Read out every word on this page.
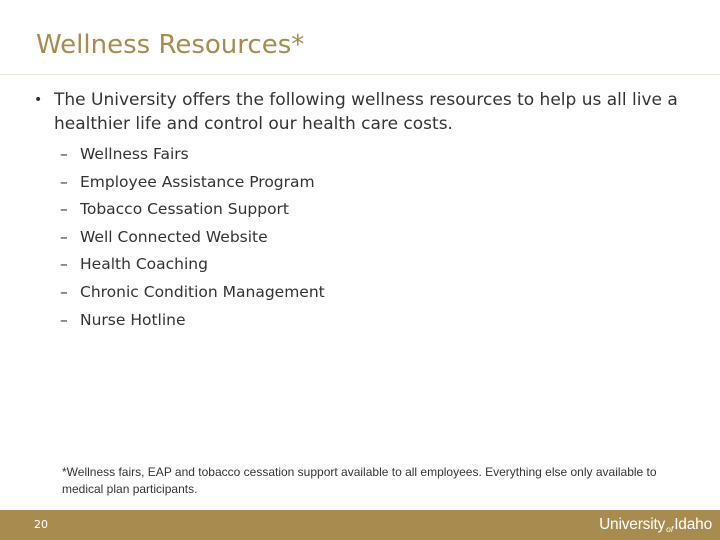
Wellness Resources*
• The University offers the following wellness resources to help us all live a healthier life and control our health care costs.
– Wellness Fairs
– Employee Assistance Program
– Tobacco Cessation Support
– Well Connected Website
– Health Coaching
– Chronic Condition Management
– Nurse Hotline
*Wellness fairs, EAP and tobacco cessation support available to all employees. Everything else only available to medical plan participants.
20	UniversityofIdaho
